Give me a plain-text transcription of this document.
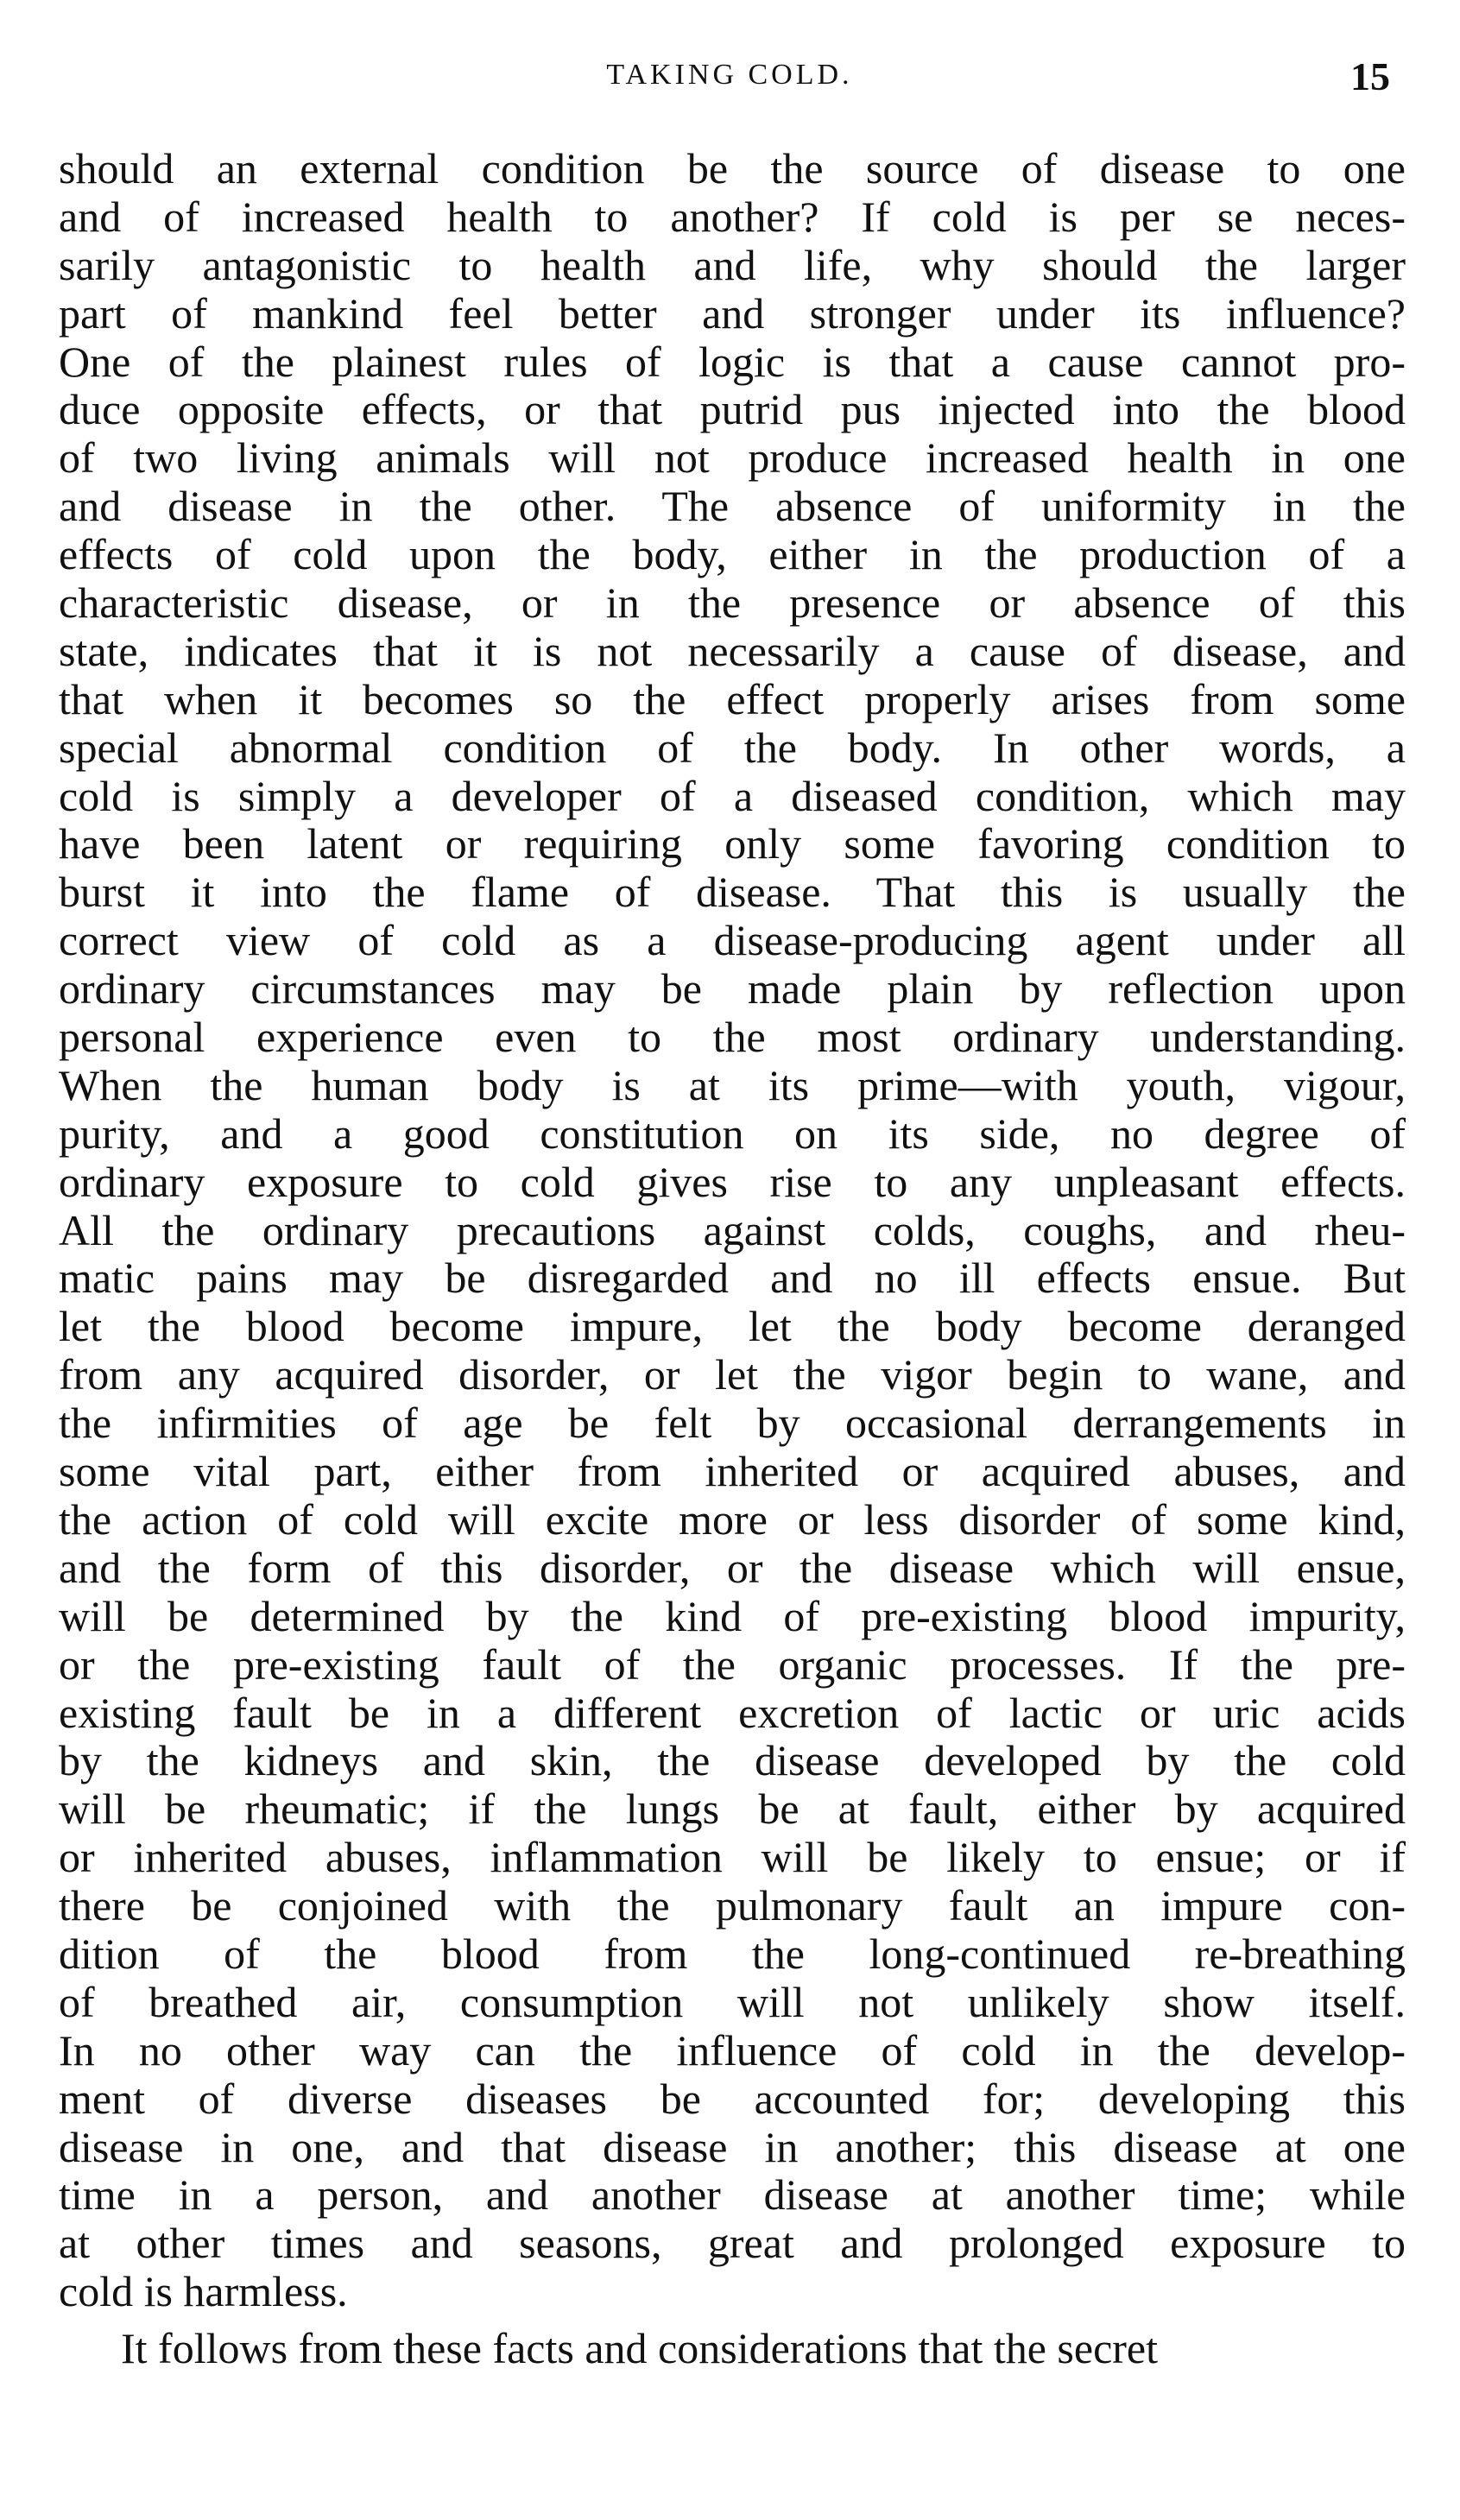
TAKING COLD.	15
should an external condition be the source of disease to one
and of increased health to another? If cold is per se neces-
sarily antagonistic to health and life, why should the larger
part of mankind feel better and stronger under its influence?
One of the plainest rules of logic is that a cause cannot pro-
duce opposite effects, or that putrid pus injected into the blood
of two living animals will not produce increased health in one
and disease in the other. The absence of uniformity in the
effects of cold upon the body, either in the production of a
characteristic disease, or in the presence or absence of this
state, indicates that it is not necessarily a cause of disease, and
that when it becomes so the effect properly arises from some
special abnormal condition of the body. In other words, a
cold is simply a developer of a diseased condition, which may
have been latent or requiring only some favoring condition to
burst it into the flame of disease. That this is usually the
correct view of cold as a disease-producing agent under all
ordinary circumstances may be made plain by reflection upon
personal experience even to the most ordinary understanding.
When the human body is at its prime—with youth, vigour,
purity, and a good constitution on its side, no degree of
ordinary exposure to cold gives rise to any unpleasant effects.
All the ordinary precautions against colds, coughs, and rheu-
matic pains may be disregarded and no ill effects ensue. But
let the blood become impure, let the body become deranged
from any acquired disorder, or let the vigor begin to wane, and
the infirmities of age be felt by occasional derrangements in
some vital part, either from inherited or acquired abuses, and
the action of cold will excite more or less disorder of some kind,
and the form of this disorder, or the disease which will ensue,
will be determined by the kind of pre-existing blood impurity,
or the pre-existing fault of the organic processes. If the pre-
existing fault be in a different excretion of lactic or uric acids
by the kidneys and skin, the disease developed by the cold
will be rheumatic; if the lungs be at fault, either by acquired
or inherited abuses, inflammation will be likely to ensue; or if
there be conjoined with the pulmonary fault an impure con-
dition of the blood from the long-continued re-breathing
of breathed air, consumption will not unlikely show itself.
In no other way can the influence of cold in the develop-
ment of diverse diseases be accounted for; developing this
disease in one, and that disease in another; this disease at one
time in a person, and another disease at another time; while
at other times and seasons, great and prolonged exposure to
cold is harmless.
It follows from these facts and considerations that the secret
